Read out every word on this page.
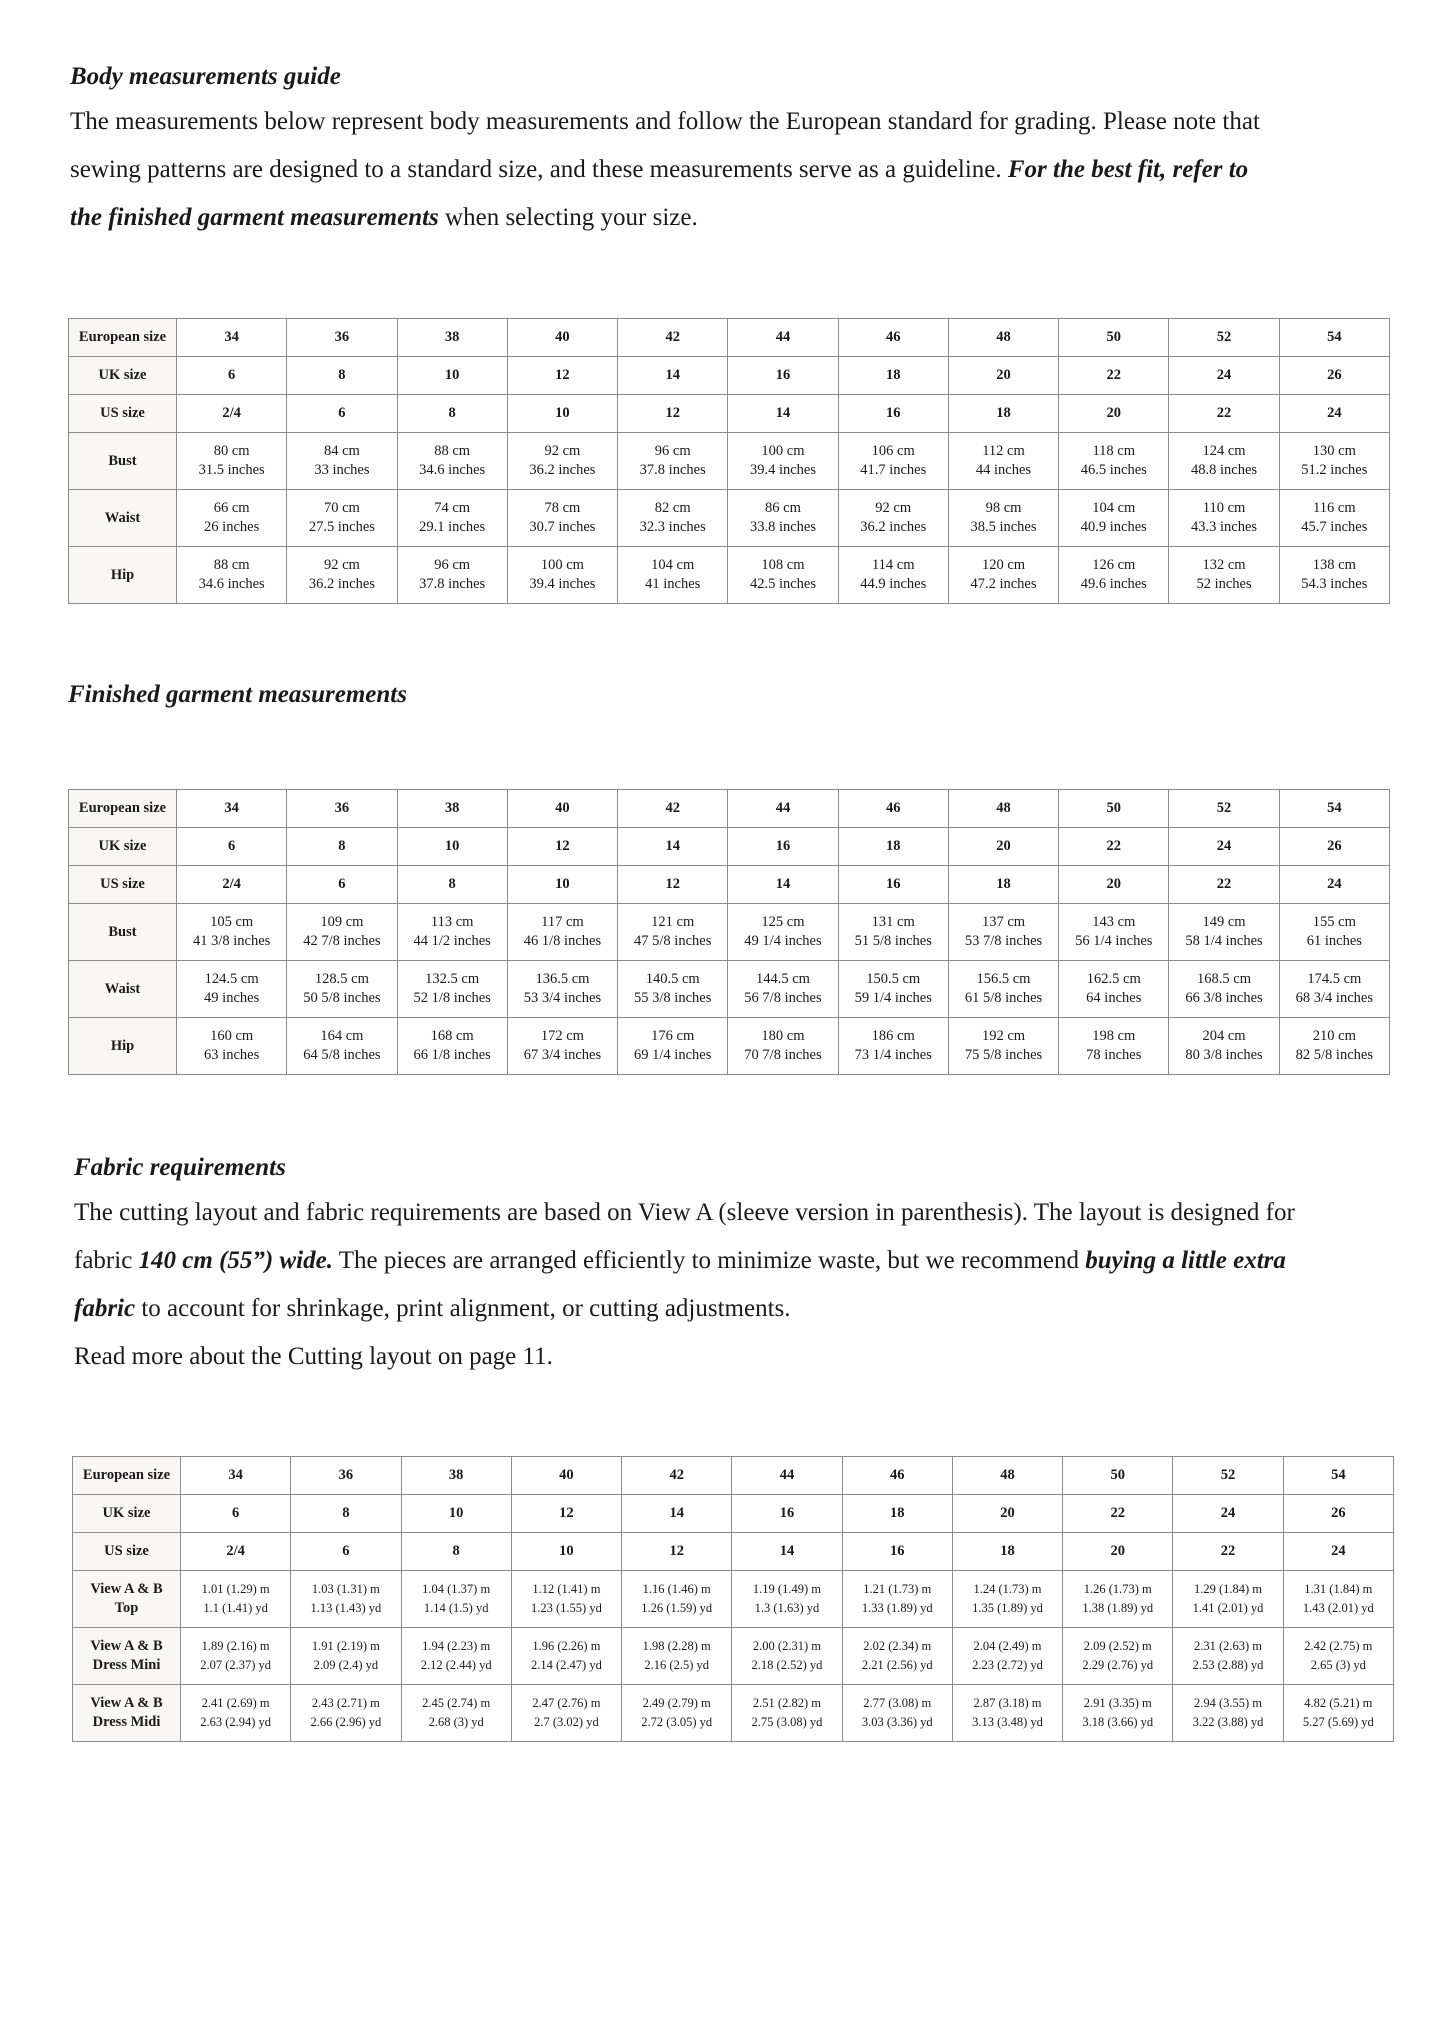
Body measurements guide

The measurements below represent body measurements and follow the European standard for grading. Please note that
sewing patterns are designed to a standard size, and these measurements serve as a guideline. For the best fit, refer to
the finished garment measurements when selecting your size.

European size	34	36	38	40	42	44	46	48	50	52	54

UK size	6	8	10	12	14	16	18	20	22	24	26

US size	2/4	6	8	10	12	14	16	18	20	22	24

Bust	80 cm
31.5 inches	84 cm
33 inches	88 cm
34.6 inches	92 cm
36.2 inches	96 cm
37.8 inches	100 cm
39.4 inches	106 cm
41.7 inches	112 cm
44 inches	118 cm
46.5 inches	124 cm
48.8 inches	130 cm
51.2 inches

Waist	66 cm
26 inches	70 cm
27.5 inches	74 cm
29.1 inches	78 cm
30.7 inches	82 cm
32.3 inches	86 cm
33.8 inches	92 cm
36.2 inches	98 cm
38.5 inches	104 cm
40.9 inches	110 cm
43.3 inches	116 cm
45.7 inches

Hip	88 cm
34.6 inches	92 cm
36.2 inches	96 cm
37.8 inches	100 cm
39.4 inches	104 cm
41 inches	108 cm
42.5 inches	114 cm
44.9 inches	120 cm
47.2 inches	126 cm
49.6 inches	132 cm
52 inches	138 cm
54.3 inches

Finished garment measurements

European size	34	36	38	40	42	44	46	48	50	52	54

UK size	6	8	10	12	14	16	18	20	22	24	26

US size	2/4	6	8	10	12	14	16	18	20	22	24

Bust	105 cm
41 3/8 inches	109 cm
42 7/8 inches	113 cm
44 1/2 inches	117 cm
46 1/8 inches	121 cm
47 5/8 inches	125 cm
49 1/4 inches	131 cm
51 5/8 inches	137 cm
53 7/8 inches	143 cm
56 1/4 inches	149 cm
58 1/4 inches	155 cm
61 inches

Waist	124.5 cm
49 inches	128.5 cm
50 5/8 inches	132.5 cm
52 1/8 inches	136.5 cm
53 3/4 inches	140.5 cm
55 3/8 inches	144.5 cm
56 7/8 inches	150.5 cm
59 1/4 inches	156.5 cm
61 5/8 inches	162.5 cm
64 inches	168.5 cm
66 3/8 inches	174.5 cm
68 3/4 inches

Hip	160 cm
63 inches	164 cm
64 5/8 inches	168 cm
66 1/8 inches	172 cm
67 3/4 inches	176 cm
69 1/4 inches	180 cm
70 7/8 inches	186 cm
73 1/4 inches	192 cm
75 5/8 inches	198 cm
78 inches	204 cm
80 3/8 inches	210 cm
82 5/8 inches

Fabric requirements

The cutting layout and fabric requirements are based on View A (sleeve version in parenthesis). The layout is designed for
fabric 140 cm (55”) wide. The pieces are arranged efficiently to minimize waste, but we recommend buying a little extra
fabric to account for shrinkage, print alignment, or cutting adjustments.
Read more about the Cutting layout on page 11.

European size	34	36	38	40	42	44	46	48	50	52	54

UK size	6	8	10	12	14	16	18	20	22	24	26

US size	2/4	6	8	10	12	14	16	18	20	22	24

View A & B
Top	1.01 (1.29) m
1.1 (1.41) yd	1.03 (1.31) m
1.13 (1.43) yd	1.04 (1.37) m
1.14 (1.5) yd	1.12 (1.41) m
1.23 (1.55) yd	1.16 (1.46) m
1.26 (1.59) yd	1.19 (1.49) m
1.3 (1.63) yd	1.21 (1.73) m
1.33 (1.89) yd	1.24 (1.73) m
1.35 (1.89) yd	1.26 (1.73) m
1.38 (1.89) yd	1.29 (1.84) m
1.41 (2.01) yd	1.31 (1.84) m
1.43 (2.01) yd

View A & B
Dress Mini	1.89 (2.16) m
2.07 (2.37) yd	1.91 (2.19) m
2.09 (2.4) yd	1.94 (2.23) m
2.12 (2.44) yd	1.96 (2.26) m
2.14 (2.47) yd	1.98 (2.28) m
2.16 (2.5) yd	2.00 (2.31) m
2.18 (2.52) yd	2.02 (2.34) m
2.21 (2.56) yd	2.04 (2.49) m
2.23 (2.72) yd	2.09 (2.52) m
2.29 (2.76) yd	2.31 (2.63) m
2.53 (2.88) yd	2.42 (2.75) m
2.65 (3) yd

View A & B
Dress Midi	2.41 (2.69) m
2.63 (2.94) yd	2.43 (2.71) m
2.66 (2.96) yd	2.45 (2.74) m
2.68 (3) yd	2.47 (2.76) m
2.7 (3.02) yd	2.49 (2.79) m
2.72 (3.05) yd	2.51 (2.82) m
2.75 (3.08) yd	2.77 (3.08) m
3.03 (3.36) yd	2.87 (3.18) m
3.13 (3.48) yd	2.91 (3.35) m
3.18 (3.66) yd	2.94 (3.55) m
3.22 (3.88) yd	4.82 (5.21) m
5.27 (5.69) yd
